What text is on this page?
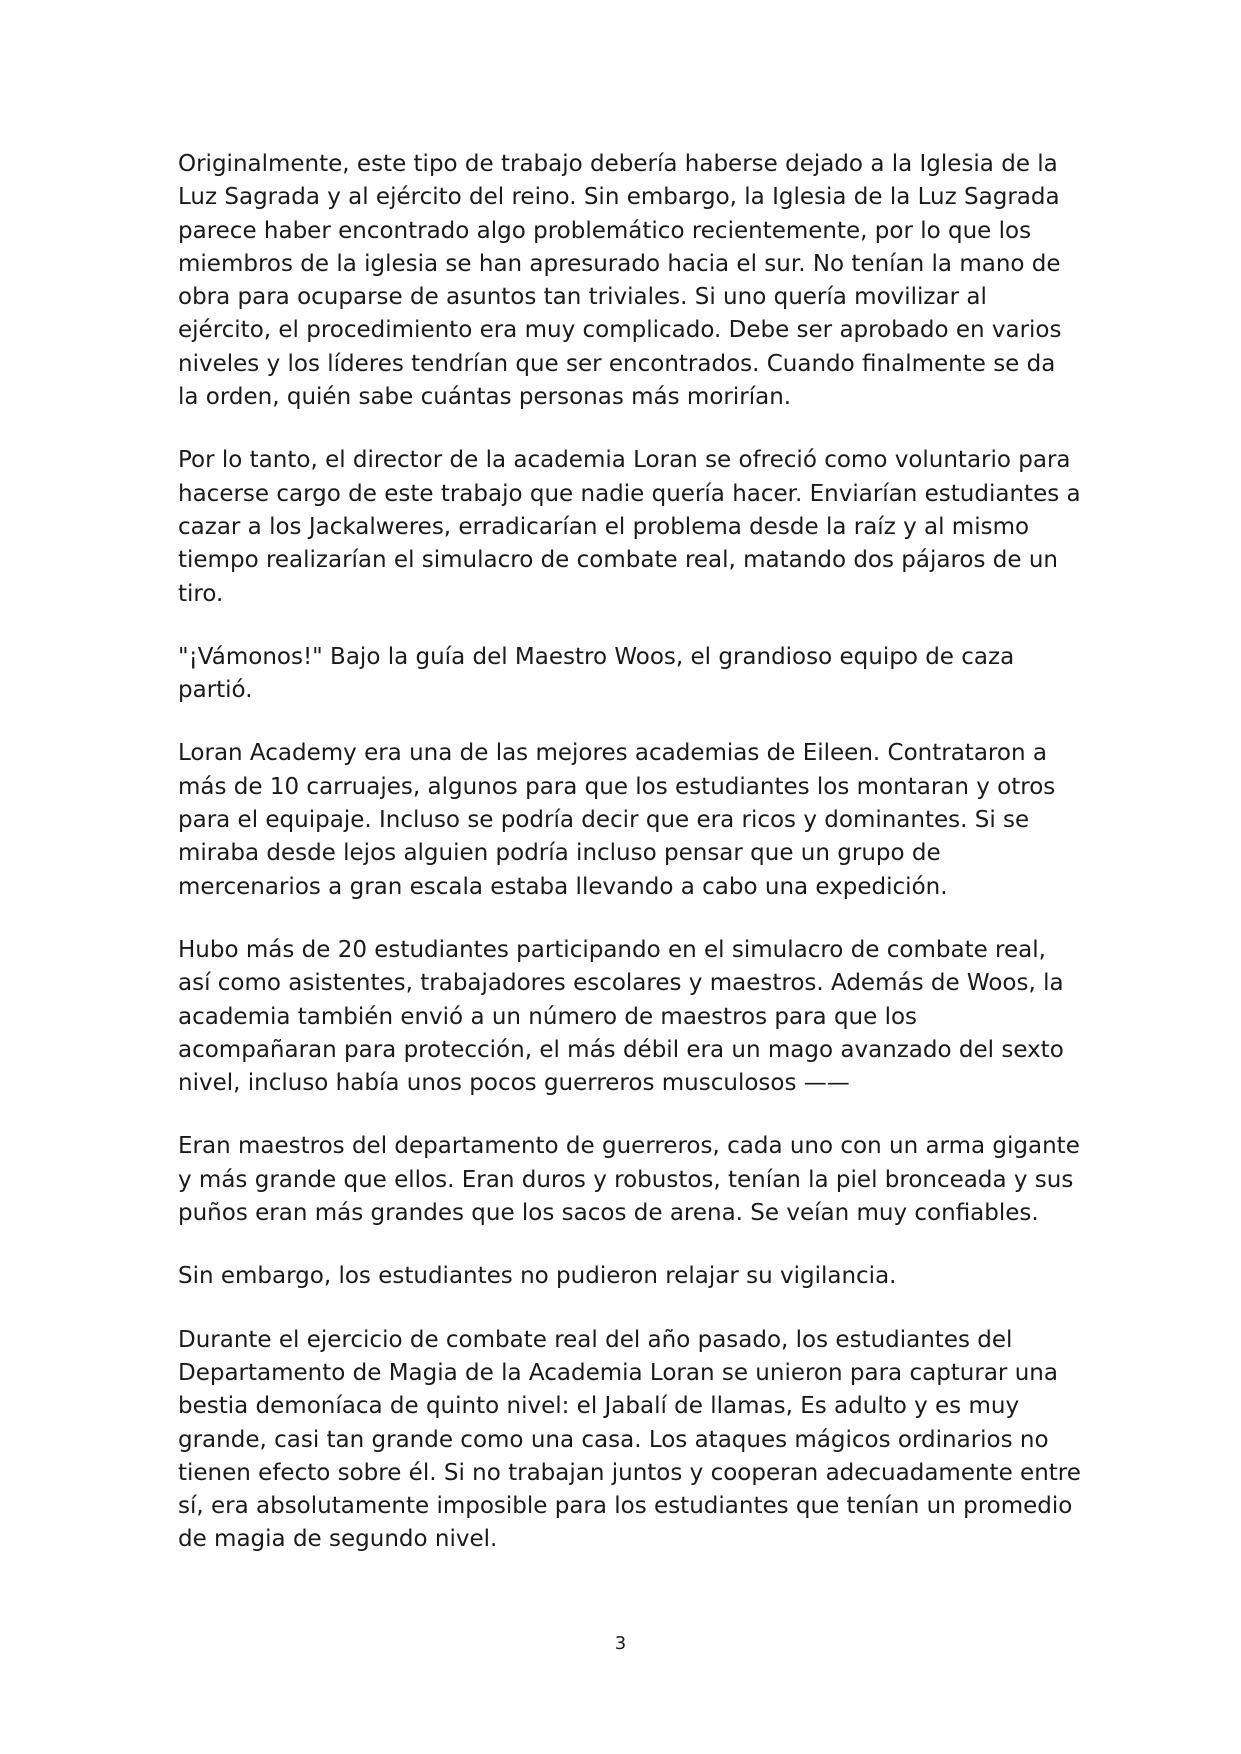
Originalmente, este tipo de trabajo debería haberse dejado a la Iglesia de la Luz Sagrada y al ejército del reino. Sin embargo, la Iglesia de la Luz Sagrada parece haber encontrado algo problemático recientemente, por lo que los miembros de la iglesia se han apresurado hacia el sur. No tenían la mano de obra para ocuparse de asuntos tan triviales. Si uno quería movilizar al ejército, el procedimiento era muy complicado. Debe ser aprobado en varios niveles y los líderes tendrían que ser encontrados. Cuando finalmente se da la orden, quién sabe cuántas personas más morirían.

Por lo tanto, el director de la academia Loran se ofreció como voluntario para hacerse cargo de este trabajo que nadie quería hacer. Enviarían estudiantes a cazar a los Jackalweres, erradicarían el problema desde la raíz y al mismo tiempo realizarían el simulacro de combate real, matando dos pájaros de un tiro.

"¡Vámonos!" Bajo la guía del Maestro Woos, el grandioso equipo de caza partió.

Loran Academy era una de las mejores academias de Eileen. Contrataron a más de 10 carruajes, algunos para que los estudiantes los montaran y otros para el equipaje. Incluso se podría decir que era ricos y dominantes. Si se miraba desde lejos alguien podría incluso pensar que un grupo de mercenarios a gran escala estaba llevando a cabo una expedición.

Hubo más de 20 estudiantes participando en el simulacro de combate real, así como asistentes, trabajadores escolares y maestros. Además de Woos, la academia también envió a un número de maestros para que los acompañaran para protección, el más débil era un mago avanzado del sexto nivel, incluso había unos pocos guerreros musculosos ——

Eran maestros del departamento de guerreros, cada uno con un arma gigante y más grande que ellos. Eran duros y robustos, tenían la piel bronceada y sus puños eran más grandes que los sacos de arena. Se veían muy confiables.

Sin embargo, los estudiantes no pudieron relajar su vigilancia.

Durante el ejercicio de combate real del año pasado, los estudiantes del Departamento de Magia de la Academia Loran se unieron para capturar una bestia demoníaca de quinto nivel: el Jabalí de llamas, Es adulto y es muy grande, casi tan grande como una casa. Los ataques mágicos ordinarios no tienen efecto sobre él. Si no trabajan juntos y cooperan adecuadamente entre sí, era absolutamente imposible para los estudiantes que tenían un promedio de magia de segundo nivel.

3
